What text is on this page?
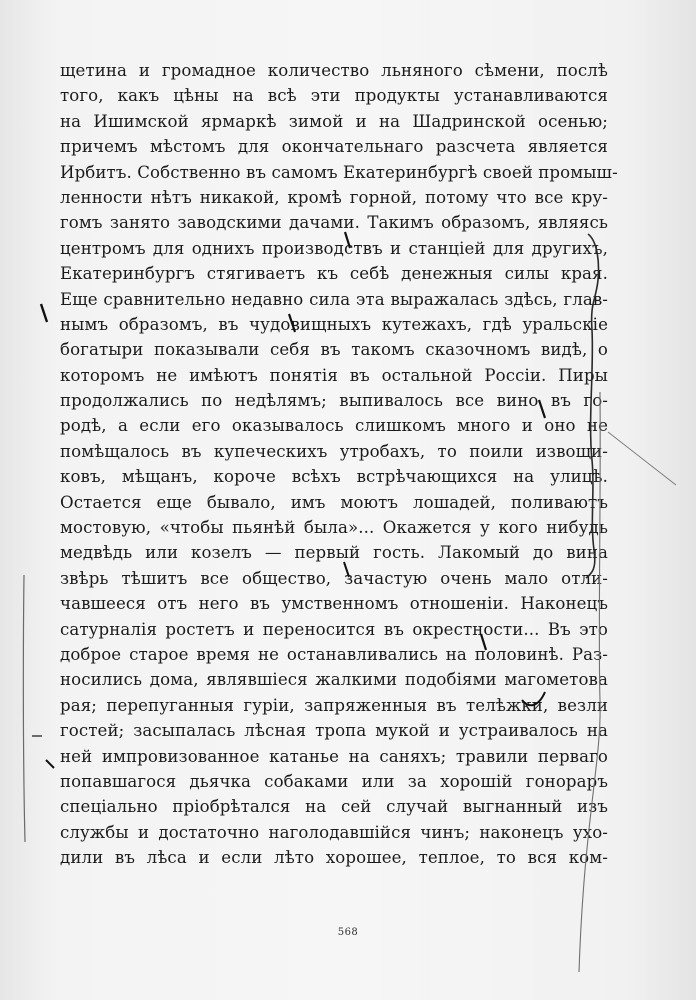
щетина и громадное количество льняного сѣмени, послѣ
того, какъ цѣны на всѣ эти продукты устанавливаются
на Ишимской ярмаркѣ зимой и на Шадринской осенью;
причемъ мѣстомъ для окончательнаго разсчета является
Ирбитъ. Собственно въ самомъ Екатеринбургѣ своей промыш-
ленности нѣтъ никакой, кромѣ горной, потому что все кру-
гомъ занято заводскими дачами. Такимъ образомъ, являясь
центромъ для однихъ производствъ и станцiей для другихъ,
Екатеринбургъ стягиваетъ къ себѣ денежныя силы края.
Еще сравнительно недавно сила эта выражалась здѣсь, глав-
нымъ образомъ, въ чудовищныхъ кутежахъ, гдѣ уральскiе
богатыри показывали себя въ такомъ сказочномъ видѣ, о
которомъ не имѣютъ понятiя въ остальной Россiи. Пиры
продолжались по недѣлямъ; выпивалось все вино въ го-
родѣ, а если его оказывалось слишкомъ много и оно не
помѣщалось въ купеческихъ утробахъ, то поили извощи-
ковъ, мѣщанъ, короче всѣхъ встрѣчающихся на улицѣ.
Остается еще бывало, имъ моютъ лошадей, поливаютъ
мостовую, «чтобы пьянѣй была»... Окажется у кого нибудь
медвѣдь или козелъ — первый гость. Лакомый до вина
звѣрь тѣшитъ все общество, зачастую очень мало отли-
чавшееся отъ него въ умственномъ отношенiи. Наконецъ
сатурналiя ростетъ и переносится въ окрестности... Въ это
доброе старое время не останавливались на половинѣ. Раз-
носились дома, являвшiеся жалкими подобiями магометова
рая; перепуганныя гурiи, запряженныя въ телѣжки, везли
гостей; засыпалась лѣсная тропа мукой и устраивалось на
ней импровизованное катанье на саняхъ; травили перваго
попавшагося дьячка собаками или за хорошiй гонораръ
спецiально прiобрѣтался на сей случай выгнанный изъ
службы и достаточно наголодавшiйся чинъ; наконецъ ухо-
дили въ лѣса и если лѣто хорошее, теплое, то вся ком-
568
